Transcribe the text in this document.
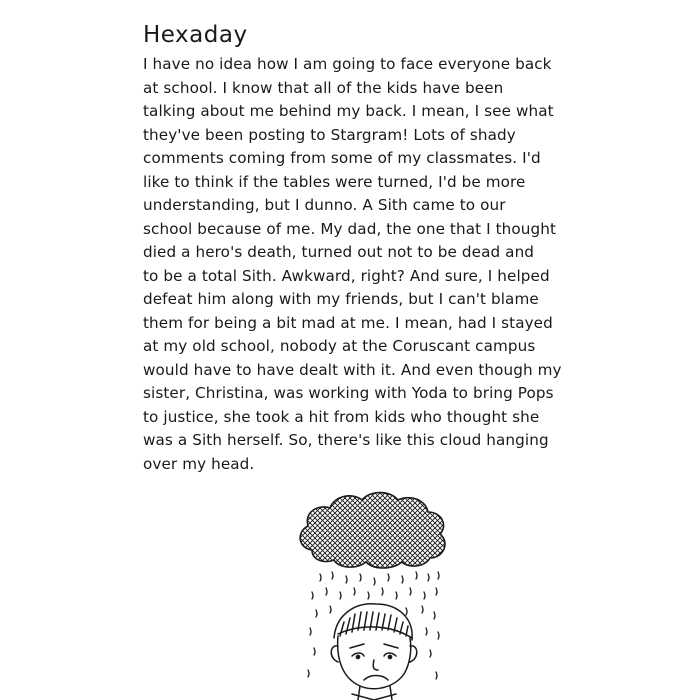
Hexaday
I have no idea how I am going to face everyone back
at school. I know that all of the kids have been
talking about me behind my back. I mean, I see what
they've been posting to Stargram! Lots of shady
comments coming from some of my classmates. I'd
like to think if the tables were turned, I'd be more
understanding, but I dunno. A Sith came to our
school because of me. My dad, the one that I thought
died a hero's death, turned out not to be dead and
to be a total Sith. Awkward, right? And sure, I helped
defeat him along with my friends, but I can't blame
them for being a bit mad at me. I mean, had I stayed
at my old school, nobody at the Coruscant campus
would have to have dealt with it. And even though my
sister, Christina, was working with Yoda to bring Pops
to justice, she took a hit from kids who thought she
was a Sith herself. So, there's like this cloud hanging
over my head.
